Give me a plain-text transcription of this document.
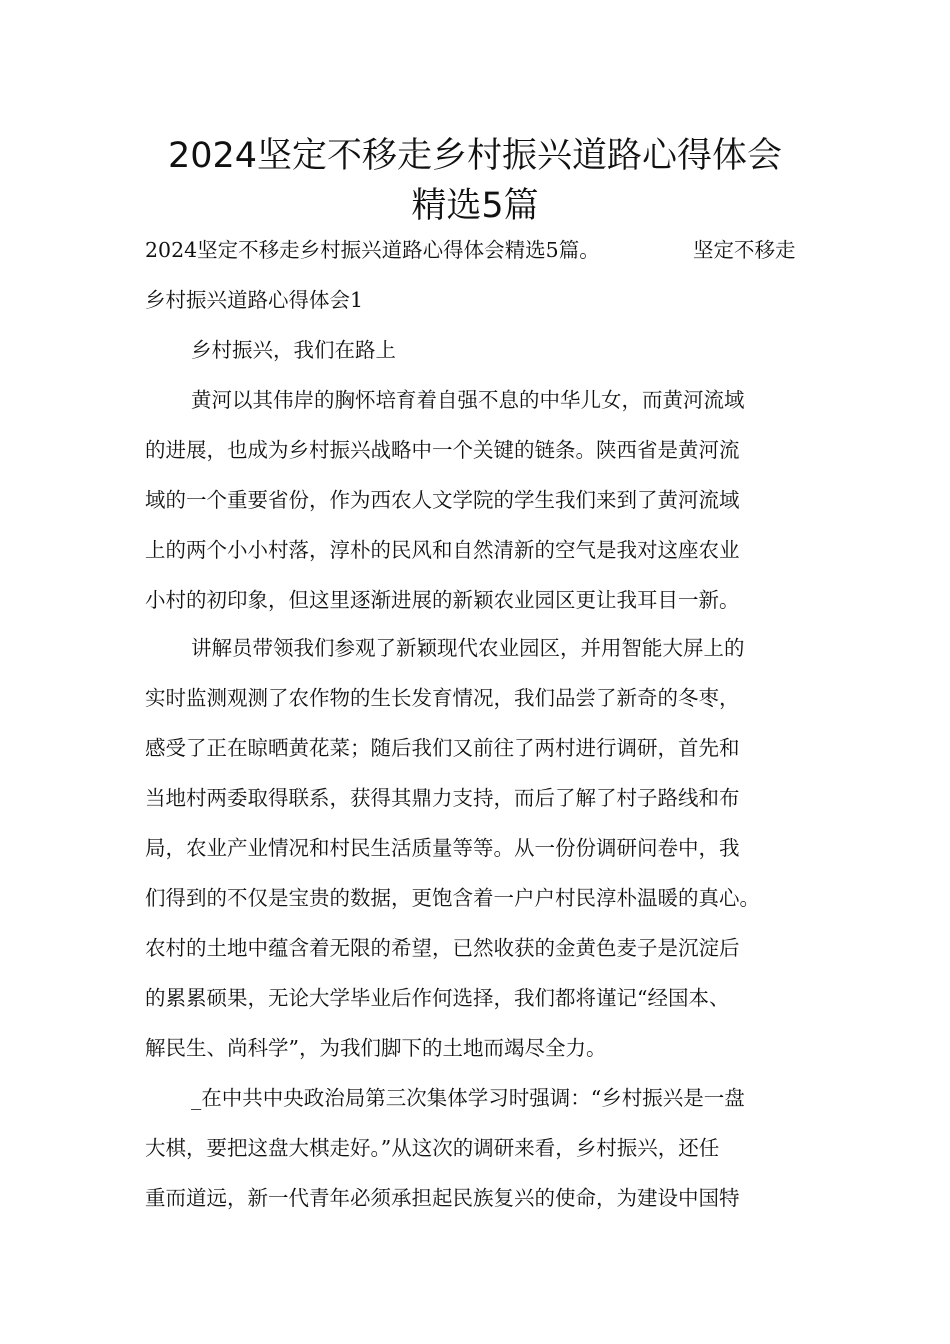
2024坚定不移走乡村振兴道路心得体会
精选5篇
2024坚定不移走乡村振兴道路心得体会精选5篇。	坚定不移走
乡村振兴道路心得体会1
乡村振兴，我们在路上
黄河以其伟岸的胸怀培育着自强不息的中华儿女，而黄河流域
的进展，也成为乡村振兴战略中一个关键的链条。陕西省是黄河流
域的一个重要省份，作为西农人文学院的学生我们来到了黄河流域
上的两个小小村落，淳朴的民风和自然清新的空气是我对这座农业
小村的初印象，但这里逐渐进展的新颖农业园区更让我耳目一新。
讲解员带领我们参观了新颖现代农业园区，并用智能大屏上的
实时监测观测了农作物的生长发育情况，我们品尝了新奇的冬枣，
感受了正在晾晒黄花菜；随后我们又前往了两村进行调研，首先和
当地村两委取得联系，获得其鼎力支持，而后了解了村子路线和布
局，农业产业情况和村民生活质量等等。从一份份调研问卷中，我
们得到的不仅是宝贵的数据，更饱含着一户户村民淳朴温暖的真心。
农村的土地中蕴含着无限的希望，已然收获的金黄色麦子是沉淀后
的累累硕果，无论大学毕业后作何选择，我们都将谨记“经国本、
解民生、尚科学”，为我们脚下的土地而竭尽全力。
_在中共中央政治局第三次集体学习时强调：“乡村振兴是一盘
大棋，要把这盘大棋走好。”从这次的调研来看，乡村振兴，还任
重而道远，新一代青年必须承担起民族复兴的使命，为建设中国特
